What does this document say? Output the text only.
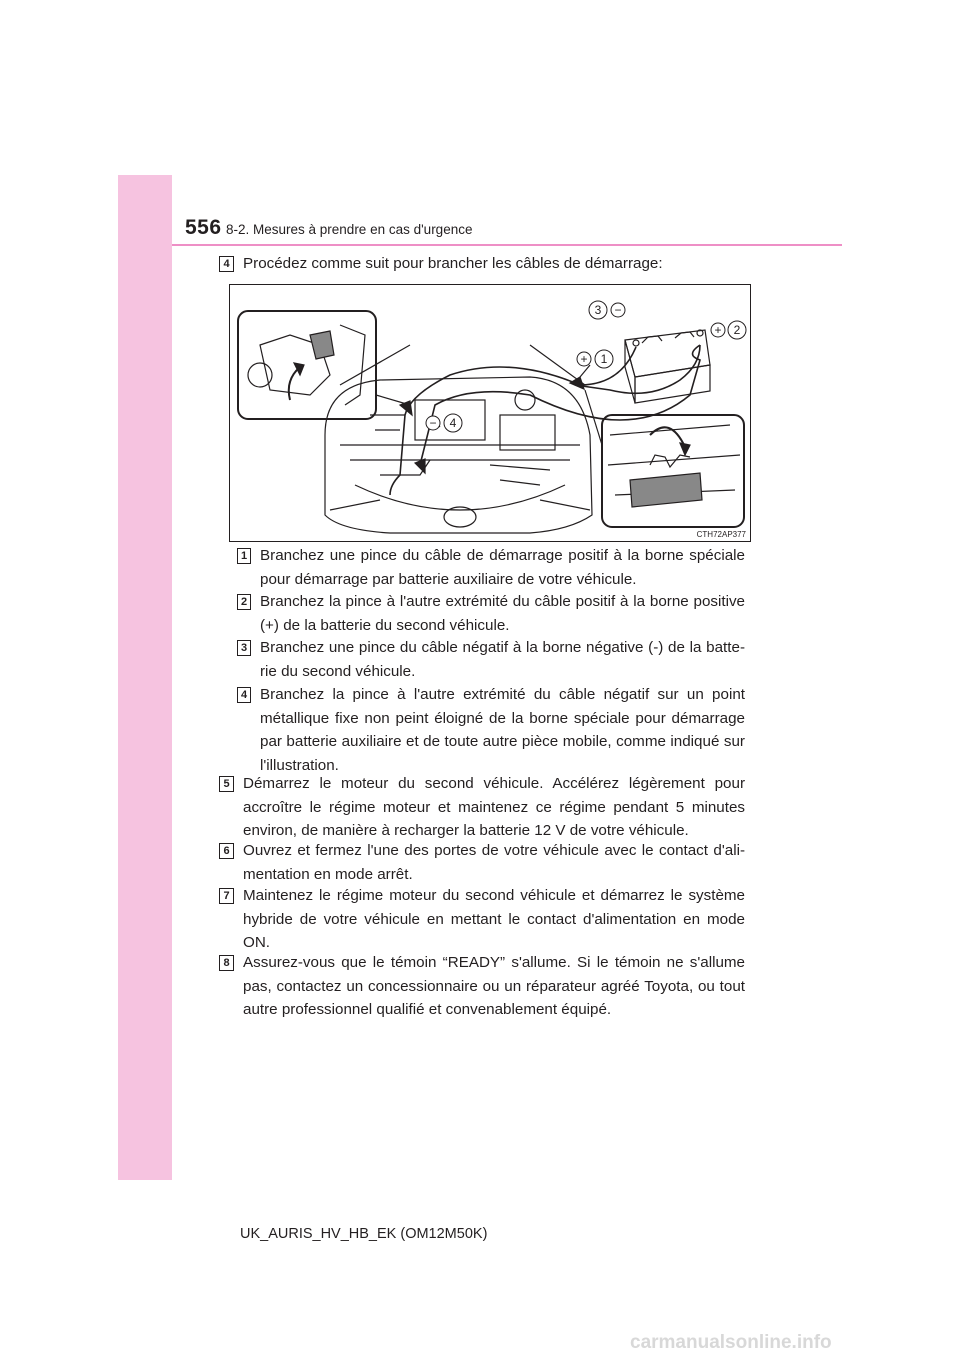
556 8-2. Mesures à prendre en cas d'urgence
4 Procédez comme suit pour brancher les câbles de démarrage:
3 −
+ 2
+ 1
− 4
CTH72AP377
1 Branchez une pince du câble de démarrage positif à la borne spéciale pour démarrage par batterie auxiliaire de votre véhicule.
2 Branchez la pince à l'autre extrémité du câble positif à la borne positive (+) de la batterie du second véhicule.
3 Branchez une pince du câble négatif à la borne négative (-) de la batte-rie du second véhicule.
4 Branchez la pince à l'autre extrémité du câble négatif sur un point métallique fixe non peint éloigné de la borne spéciale pour démarrage par batterie auxiliaire et de toute autre pièce mobile, comme indiqué sur l'illustration.
5 Démarrez le moteur du second véhicule. Accélérez légèrement pour accroître le régime moteur et maintenez ce régime pendant 5 minutes environ, de manière à recharger la batterie 12 V de votre véhicule.
6 Ouvrez et fermez l'une des portes de votre véhicule avec le contact d'ali-mentation en mode arrêt.
7 Maintenez le régime moteur du second véhicule et démarrez le système hybride de votre véhicule en mettant le contact d'alimentation en mode ON.
8 Assurez-vous que le témoin “READY” s'allume. Si le témoin ne s'allume pas, contactez un concessionnaire ou un réparateur agréé Toyota, ou tout autre professionnel qualifié et convenablement équipé.
UK_AURIS_HV_HB_EK (OM12M50K)
carmanualsonline.info
